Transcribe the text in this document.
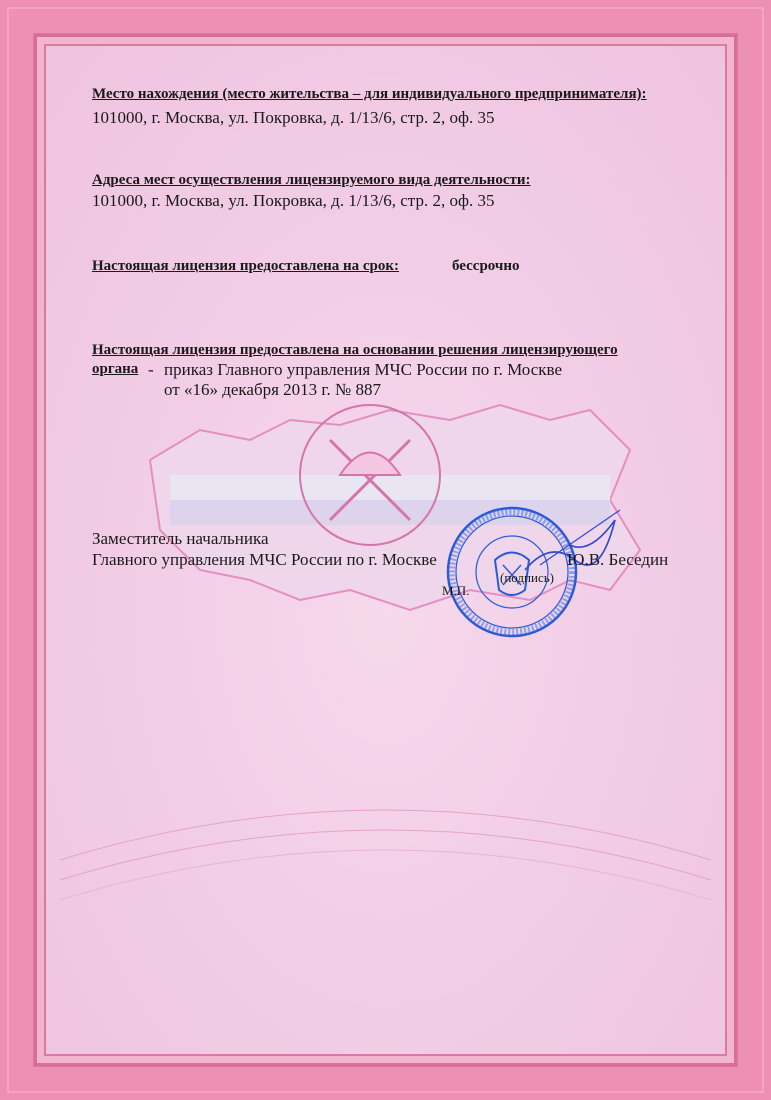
Место нахождения (место жительства – для индивидуального предпринимателя):
101000, г. Москва, ул. Покровка, д. 1/13/6, стр. 2, оф. 35
Адреса мест осуществления лицензируемого вида деятельности:
101000, г. Москва, ул. Покровка, д. 1/13/6, стр. 2, оф. 35
Настоящая лицензия предоставлена на срок:	бессрочно
Настоящая лицензия предоставлена на основании решения лицензирующего
органа - приказ Главного управления МЧС России по г. Москве
от «16» декабря 2013 г. № 887
Заместитель начальника
Главного управления МЧС России по г. Москве	Ю.В. Беседин
(подпись)
М.П.
